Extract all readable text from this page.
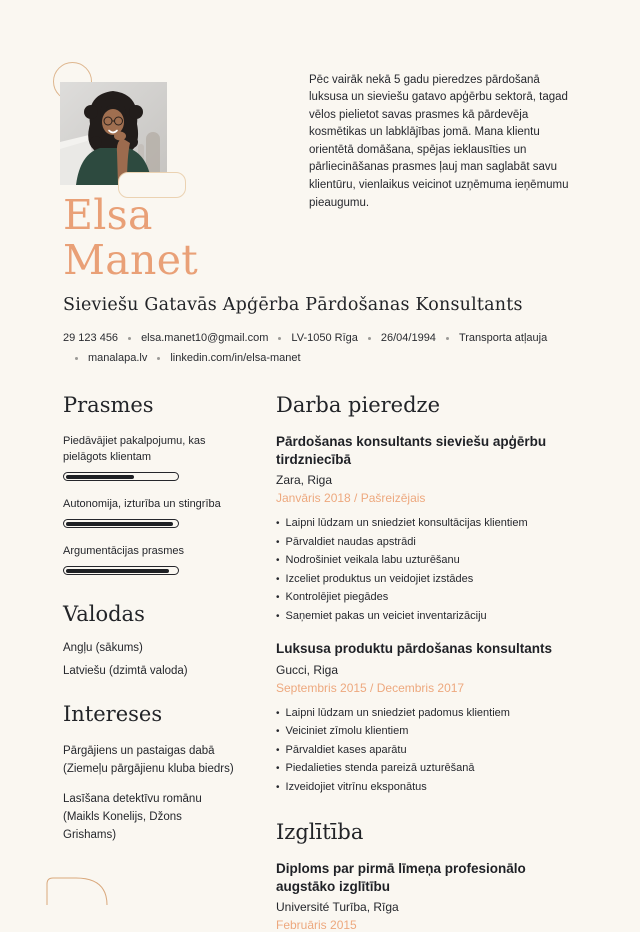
Pēc vairāk nekā 5 gadu pieredzes pārdošanā luksusa un sieviešu gatavo apģērbu sektorā, tagad vēlos pielietot savas prasmes kā pārdevēja kosmētikas un labklājības jomā. Mana klientu orientētā domāšana, spējas ieklausīties un pārliecināšanas prasmes ļauj man saglabāt savu klientūru, vienlaikus veicinot uzņēmuma ieņēmumu pieaugumu.

Elsa
Manet
Sieviešu Gatavās Apģērba Pārdošanas Konsultants
29 123 456 elsa.manet10@gmail.com LV-1050 Rīga 26/04/1994 Transporta atļauja
manalapa.lv linkedin.com/in/elsa-manet
Prasmes
Piedāvājiet pakalpojumu, kas pielāgots klientam
Autonomija, izturība un stingrība
Argumentācijas prasmes
Valodas
Angļu (sākums)
Latviešu (dzimtā valoda)
Intereses
Pārgājiens un pastaigas dabā (Ziemeļu pārgājienu kluba biedrs)
Lasīšana detektīvu romānu (Maikls Konelijs, Džons Grishams)
Darba pieredze
Pārdošanas konsultants sieviešu apģērbu tirdzniecībā
Zara, Riga
Janvāris 2018 / Pašreizējais
• Laipni lūdzam un sniedziet konsultācijas klientiem
• Pārvaldiet naudas apstrādi
• Nodrošiniet veikala labu uzturēšanu
• Izceliet produktus un veidojiet izstādes
• Kontrolējiet piegādes
• Saņemiet pakas un veiciet inventarizāciju
Luksusa produktu pārdošanas konsultants
Gucci, Riga
Septembris 2015 / Decembris 2017
• Laipni lūdzam un sniedziet padomus klientiem
• Veiciniet zīmolu klientiem
• Pārvaldiet kases aparātu
• Piedalieties stenda pareizā uzturēšanā
• Izveidojiet vitrīnu eksponātus
Izglītība
Diploms par pirmā līmeņa profesionālo augstāko izglītību
Université Turība, Rīga
Februāris 2015
